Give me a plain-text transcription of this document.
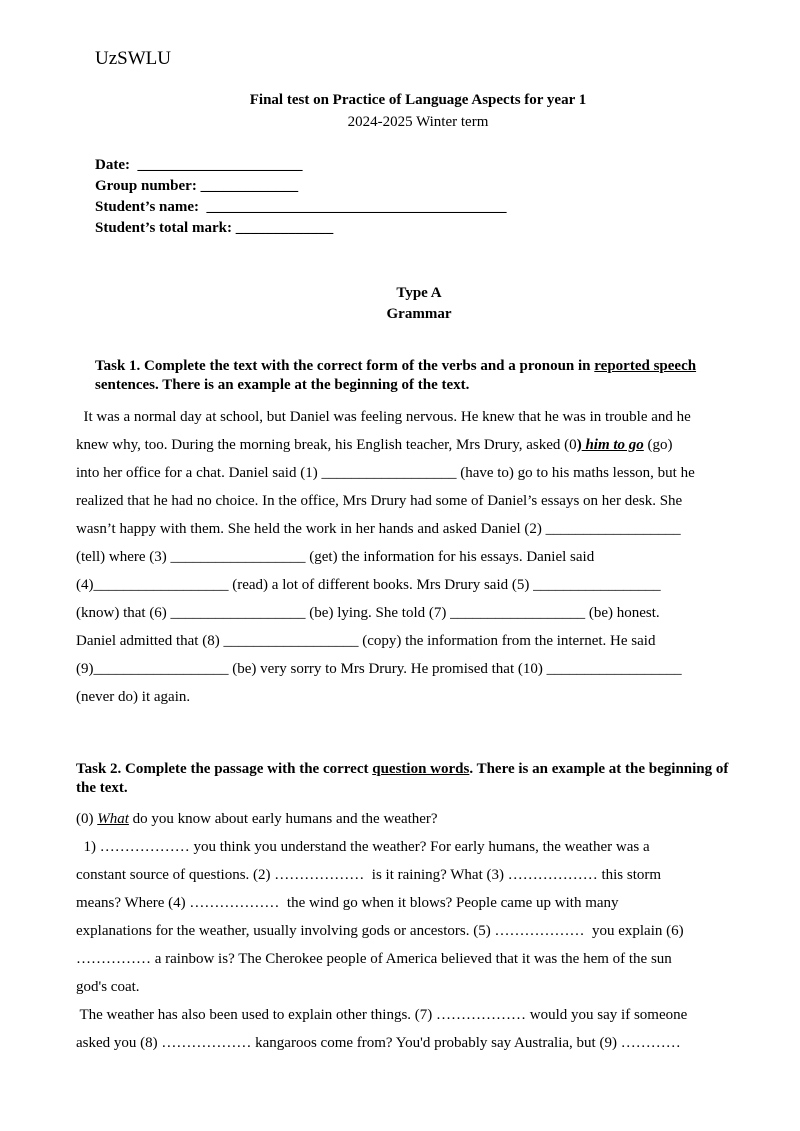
UzSWLU
Final test on Practice of Language Aspects for year 1
2024-2025 Winter term
Date:  ______________________
Group number: _____________
Student’s name:  ________________________________________
Student’s total mark: _____________
Type A
Grammar
Task 1. Complete the text with the correct form of the verbs and a pronoun in reported speech sentences. There is an example at the beginning of the text.
It was a normal day at school, but Daniel was feeling nervous. He knew that he was in trouble and he
knew why, too. During the morning break, his English teacher, Mrs Drury, asked (0) him to go (go)
into her office for a chat. Daniel said (1) __________________ (have to) go to his maths lesson, but he
realized that he had no choice. In the office, Mrs Drury had some of Daniel’s essays on her desk. She
wasn’t happy with them. She held the work in her hands and asked Daniel (2) __________________
(tell) where (3) __________________ (get) the information for his essays. Daniel said
(4)__________________ (read) a lot of different books. Mrs Drury said (5) _________________
(know) that (6) __________________ (be) lying. She told (7) __________________ (be) honest.
Daniel admitted that (8) __________________ (copy) the information from the internet. He said
(9)__________________ (be) very sorry to Mrs Drury. He promised that (10) __________________
(never do) it again.
Task 2. Complete the passage with the correct question words. There is an example at the beginning of the text.
(0) What do you know about early humans and the weather?
1) ……………… you think you understand the weather? For early humans, the weather was a
constant source of questions. (2) ………………  is it raining? What (3) ……………… this storm
means? Where (4) ………………  the wind go when it blows? People came up with many
explanations for the weather, usually involving gods or ancestors. (5) ………………  you explain (6)
…………… a rainbow is? The Cherokee people of America believed that it was the hem of the sun
god's coat.
The weather has also been used to explain other things. (7) ……………… would you say if someone
asked you (8) ……………… kangaroos come from? You'd probably say Australia, but (9) …………
